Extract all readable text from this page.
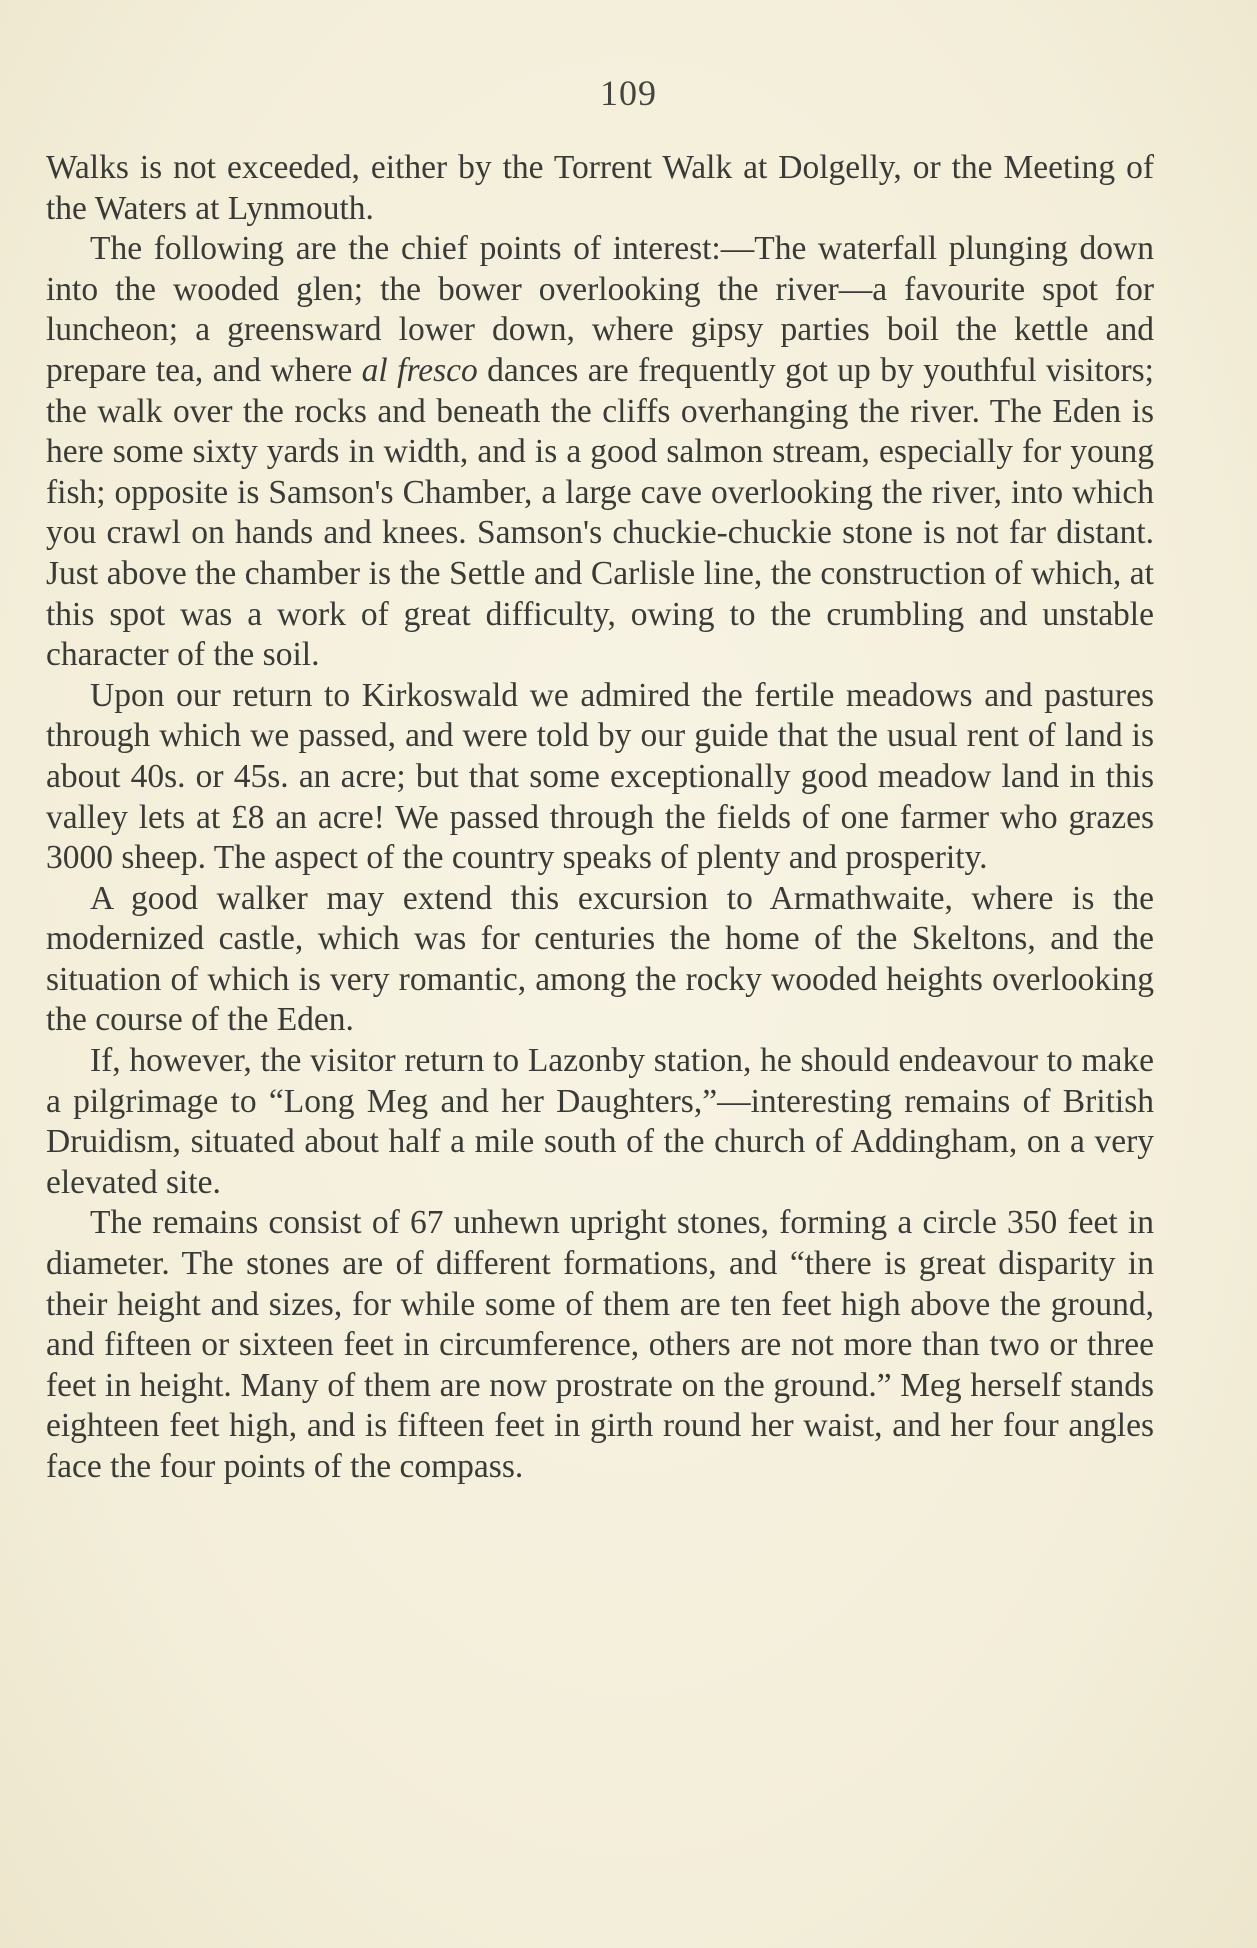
109

Walks is not exceeded, either by the Torrent Walk at Dolgelly, or the Meeting of the Waters at Lynmouth.

The following are the chief points of interest:—The waterfall plunging down into the wooded glen; the bower overlooking the river—a favourite spot for luncheon; a greensward lower down, where gipsy parties boil the kettle and prepare tea, and where al fresco dances are frequently got up by youthful visitors; the walk over the rocks and beneath the cliffs overhanging the river. The Eden is here some sixty yards in width, and is a good salmon stream, especially for young fish; opposite is Samson's Chamber, a large cave overlooking the river, into which you crawl on hands and knees. Samson's chuckie-chuckie stone is not far distant. Just above the chamber is the Settle and Carlisle line, the construction of which, at this spot was a work of great difficulty, owing to the crumbling and unstable character of the soil.

Upon our return to Kirkoswald we admired the fertile meadows and pastures through which we passed, and were told by our guide that the usual rent of land is about 40s. or 45s. an acre; but that some exceptionally good meadow land in this valley lets at £8 an acre! We passed through the fields of one farmer who grazes 3000 sheep. The aspect of the country speaks of plenty and prosperity.

A good walker may extend this excursion to Armathwaite, where is the modernized castle, which was for centuries the home of the Skeltons, and the situation of which is very romantic, among the rocky wooded heights overlooking the course of the Eden.

If, however, the visitor return to Lazonby station, he should endeavour to make a pilgrimage to “Long Meg and her Daughters,”—interesting remains of British Druidism, situated about half a mile south of the church of Addingham, on a very elevated site.

The remains consist of 67 unhewn upright stones, forming a circle 350 feet in diameter. The stones are of different formations, and “there is great disparity in their height and sizes, for while some of them are ten feet high above the ground, and fifteen or sixteen feet in circumference, others are not more than two or three feet in height. Many of them are now prostrate on the ground.” Meg herself stands eighteen feet high, and is fifteen feet in girth round her waist, and her four angles face the four points of the compass.
